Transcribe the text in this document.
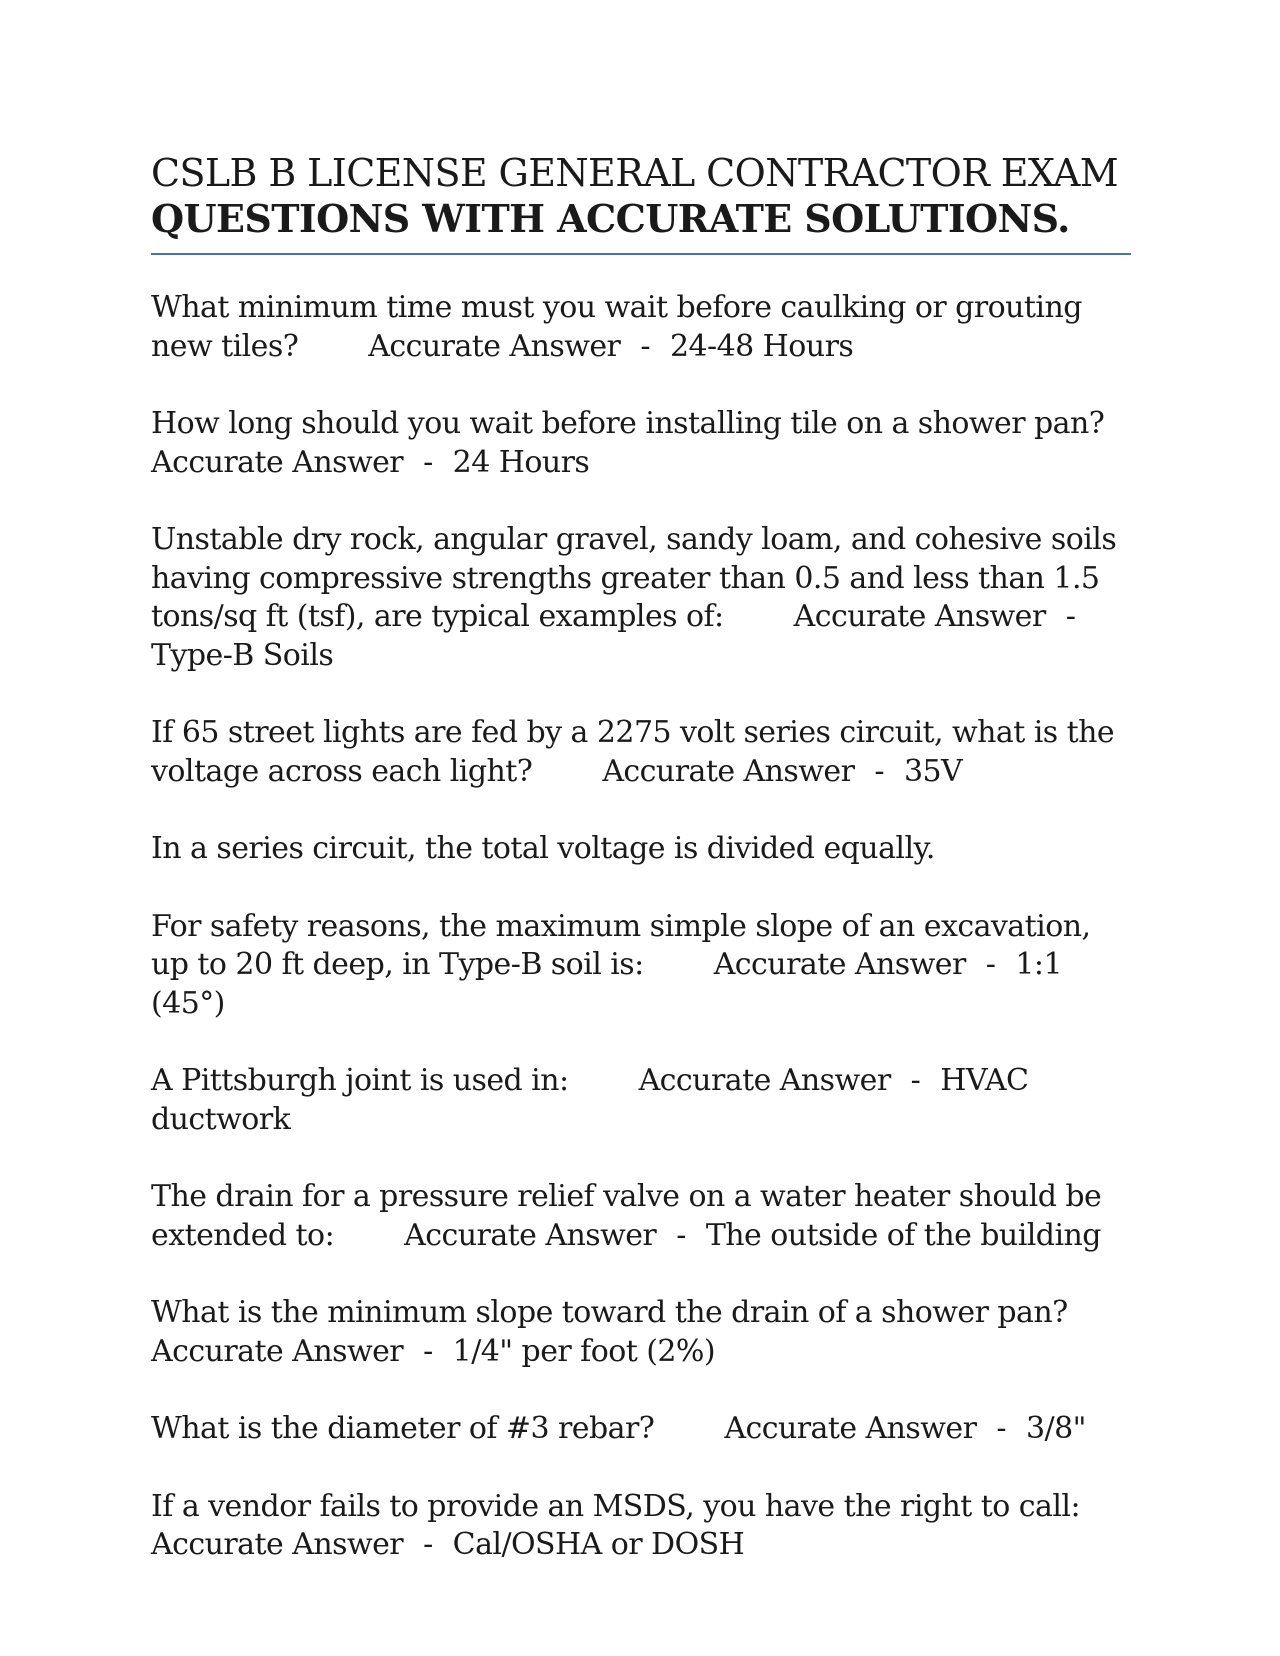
CSLB B LICENSE GENERAL CONTRACTOR EXAM
QUESTIONS WITH ACCURATE SOLUTIONS.

What minimum time must you wait before caulking or grouting new tiles? Accurate Answer - 24-48 Hours

How long should you wait before installing tile on a shower pan?
Accurate Answer - 24 Hours

Unstable dry rock, angular gravel, sandy loam, and cohesive soils having compressive strengths greater than 0.5 and less than 1.5 tons/sq ft (tsf), are typical examples of: Accurate Answer -Type-B Soils

If 65 street lights are fed by a 2275 volt series circuit, what is the voltage across each light? Accurate Answer - 35V

In a series circuit, the total voltage is divided equally.

For safety reasons, the maximum simple slope of an excavation, up to 20 ft deep, in Type-B soil is: Accurate Answer - 1:1 (45°)

A Pittsburgh joint is used in: Accurate Answer - HVAC ductwork

The drain for a pressure relief valve on a water heater should be extended to: Accurate Answer - The outside of the building

What is the minimum slope toward the drain of a shower pan?
Accurate Answer - 1/4" per foot (2%)

What is the diameter of #3 rebar? Accurate Answer - 3/8"

If a vendor fails to provide an MSDS, you have the right to call:
Accurate Answer - Cal/OSHA or DOSH
